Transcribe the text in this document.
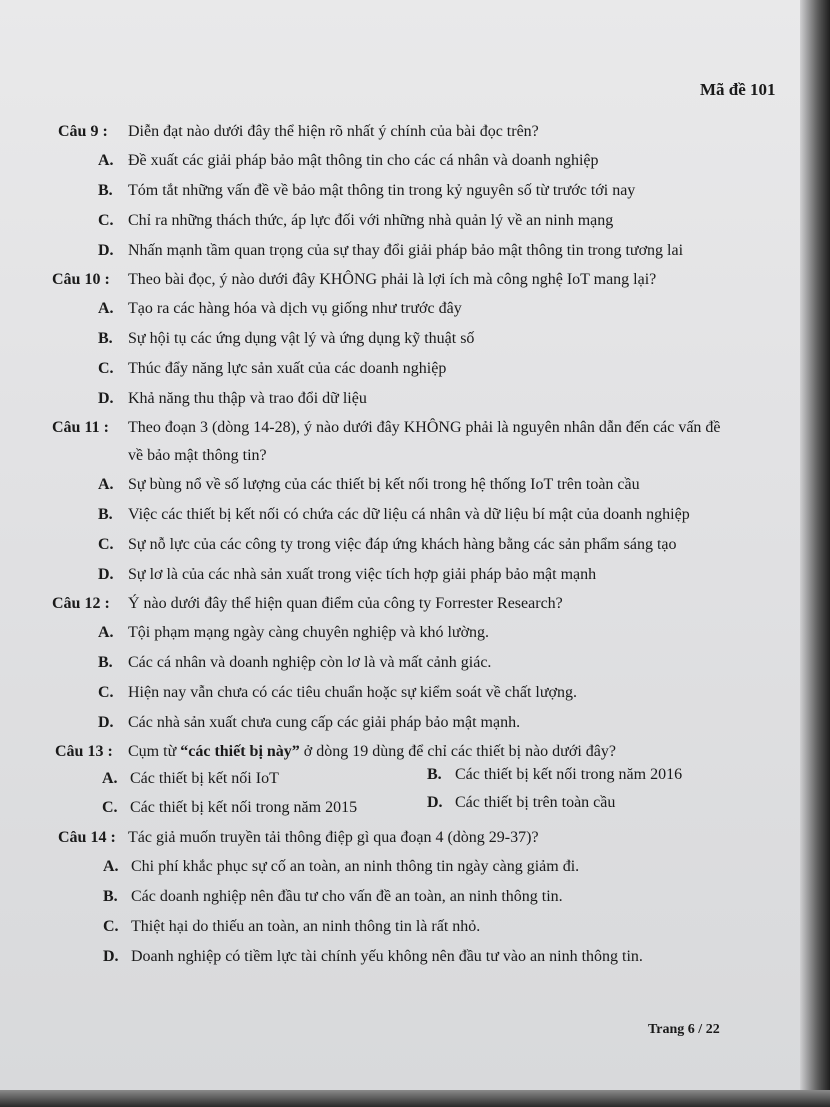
Mã đề 101
Câu 9 : Diễn đạt nào dưới đây thể hiện rõ nhất ý chính của bài đọc trên?
A. Đề xuất các giải pháp bảo mật thông tin cho các cá nhân và doanh nghiệp
B. Tóm tắt những vấn đề về bảo mật thông tin trong kỷ nguyên số từ trước tới nay
C. Chỉ ra những thách thức, áp lực đối với những nhà quản lý về an ninh mạng
D. Nhấn mạnh tầm quan trọng của sự thay đổi giải pháp bảo mật thông tin trong tương lai
Câu 10 : Theo bài đọc, ý nào dưới đây KHÔNG phải là lợi ích mà công nghệ IoT mang lại?
A. Tạo ra các hàng hóa và dịch vụ giống như trước đây
B. Sự hội tụ các ứng dụng vật lý và ứng dụng kỹ thuật số
C. Thúc đẩy năng lực sản xuất của các doanh nghiệp
D. Khả năng thu thập và trao đổi dữ liệu
Câu 11 : Theo đoạn 3 (dòng 14-28), ý nào dưới đây KHÔNG phải là nguyên nhân dẫn đến các vấn đề về bảo mật thông tin?
A. Sự bùng nổ về số lượng của các thiết bị kết nối trong hệ thống IoT trên toàn cầu
B. Việc các thiết bị kết nối có chứa các dữ liệu cá nhân và dữ liệu bí mật của doanh nghiệp
C. Sự nỗ lực của các công ty trong việc đáp ứng khách hàng bằng các sản phẩm sáng tạo
D. Sự lơ là của các nhà sản xuất trong việc tích hợp giải pháp bảo mật mạnh
Câu 12 : Ý nào dưới đây thể hiện quan điểm của công ty Forrester Research?
A. Tội phạm mạng ngày càng chuyên nghiệp và khó lường.
B. Các cá nhân và doanh nghiệp còn lơ là và mất cảnh giác.
C. Hiện nay vẫn chưa có các tiêu chuẩn hoặc sự kiểm soát về chất lượng.
D. Các nhà sản xuất chưa cung cấp các giải pháp bảo mật mạnh.
Câu 13 : Cụm từ “các thiết bị này” ở dòng 19 dùng để chỉ các thiết bị nào dưới đây?
A. Các thiết bị kết nối IoT	B. Các thiết bị kết nối trong năm 2016
C. Các thiết bị kết nối trong năm 2015	D. Các thiết bị trên toàn cầu
Câu 14 : Tác giả muốn truyền tải thông điệp gì qua đoạn 4 (dòng 29-37)?
A. Chi phí khắc phục sự cố an toàn, an ninh thông tin ngày càng giảm đi.
B. Các doanh nghiệp nên đầu tư cho vấn đề an toàn, an ninh thông tin.
C. Thiệt hại do thiếu an toàn, an ninh thông tin là rất nhỏ.
D. Doanh nghiệp có tiềm lực tài chính yếu không nên đầu tư vào an ninh thông tin.
Trang 6 / 22
